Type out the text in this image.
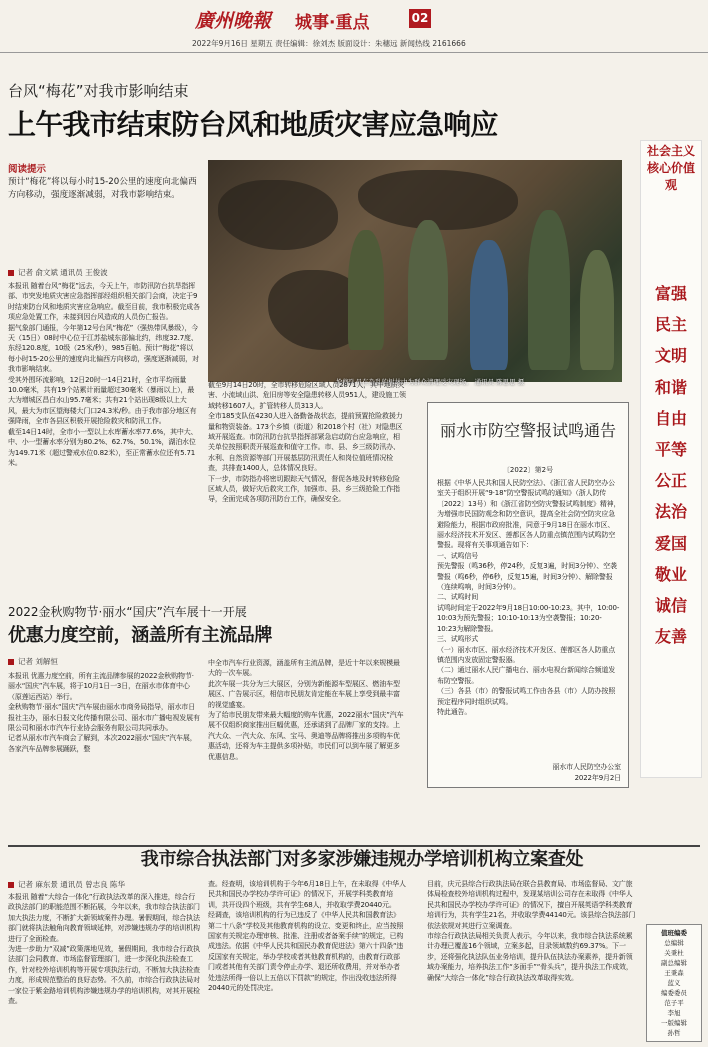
廣州晚報 城事·重点	02
2022年9月16日 星期五 责任编辑：徐刘杰 版面设计：朱穗远 新闻热线 2161666
台风“梅花”对我市影响结束
上午我市结束防台风和地质灾害应急响应
抢修队员在杂乱的树林中为群众清理受灾现场。 通讯员 陈思思 摄
阅读提示
预计“梅花”将以每小时15-20公里的速度向北偏西方向移动，强度逐渐减弱，对我市影响结束。
记者 俞文斌 通讯员 王俊波
本报讯 随着台风“梅花”远去，今天上午，市防汛防台抗旱指挥部、市突发地质灾害应急指挥部经组织相关部门会商，决定于9时结束防台风和地质灾害应急响应。截至目前，我市积极完成各项应急处置工作，未接到因台风造成的人员伤亡报告。
据气象部门通报，今年第12号台风“梅花”（强热带风暴级），今天（15日）08时中心位于江苏盐城东部偏北约，纬度32.7度、东经120.8度，10级（25米/秒），985百帕。预计“梅花”将以每小时15-20公里的速度向北偏西方向移动，强度逐渐减弱，对我市影响结束。
受其外围环流影响，12日20时一14日21时，全市平均雨量10.0毫米，共有19个站累计雨量超过30毫米（暴雨以上），最大为增城区昌白水山95.7毫米；共有21个站出现8级以上大风，最大为市区望海楼大门口24.3米/秒。由于我市部分地区有强降雨，全市各县区积极开展抢险救灾和防汛工作。
截至14日14时，全市小一型以上水库蓄水率77.6%，其中大、中、小一型蓄水率分别为80.2%、62.7%、50.1%，湖泊水位为149.71米（超过警戒水位0.82米），至正常蓄水位还有5.71米。
截至9月14日20时，全市转移危险区域人员2871人，其中地质灾害、小流域山洪、危旧房等安全隐患转移人员951人，建设施工领域转移1607人，扩管转移人员313人。
全市185支队伍4230人进入备勤备战状态，提前预置抢险救援力量和物资装备。173个乡镇（街道）和2018个村（社）对隐患区域开展巡查。市防汛防台抗旱指挥部紧急启动防台应急响应，相关单位按照职责开展巡查和值守工作。市、县、乡三级防汛办、水利、自然资源等部门开展基层防汛责任人和岗位值班情况检查，共排查1400人，总体情况良好。
下一步，市防指办将密切跟踪天气情况，督促各地及时转移危险区域人员，做好灾后救灾工作，加强市、县、乡三级抢险工作指导，全面完成各项防汛防台工作，确保安全。
社会主义核心价值观
富强
民主
文明
和谐
自由
平等
公正
法治
爱国
敬业
诚信
友善
丽水市防空警报试鸣通告
〔2022〕第2号
根据《中华人民共和国人民防空法》、《浙江省人民防空办公室关于组织开展“9·18”防空警报试鸣的通知》（浙人防传〔2022〕13号）和《浙江省防空防灾警报试鸣制度》精神，为增强市民国防观念和防空意识，提高全社会防空防灾应急避险能力，根据市政府批准，同意于9月18日在丽水市区、丽水经济技术开发区、莲都区各人防重点镇范围内试鸣防空警报。现将有关事项通告如下：
一、试鸣信号
预先警报（鸣36秒，停24秒，反复3遍，时间3分钟）、空袭警报（鸣6秒，停6秒，反复15遍，时间3分钟）、解除警报（连续鸣响，时间3分钟）。
二、试鸣时间
试鸣时间定于2022年9月18日10:00-10:23。其中，10:00-10:03为预先警报；10:10-10:13为空袭警报；10:20-10:23为解除警报。
三、试鸣形式
（一）丽水市区、丽水经济技术开发区、莲都区各人防重点镇范围内发放固定警报器。
（二）通过丽水人民广播电台、丽水电视台新闻综合频道发布防空警报。
（三）各县（市）的警报试鸣工作由各县（市）人防办按照预定程序同时组织试鸣。
特此通告。
丽水市人民防空办公室
2022年9月2日
2022金秋购物节·丽水“国庆”汽车展十一开展
优惠力度空前，涵盖所有主流品牌
记者 刘解恒
本报讯 优惠力度空前，所有主流品牌参展的2022金秋购物节·丽水“国庆”汽车展，将于10月1日一3日，在丽水市体育中心（原莲运西站）举行。
金秋购物节·丽水“国庆”汽车展由丽水市商务局指导，丽水市日报社主办，丽水日报文化传播有限公司、丽水市广播电视发展有限公司和丽水市汽车行业协会服务有限公司共同承办。
记者从丽水市汽车商会了解到，本次2022丽水“国庆”汽车展，各家汽车品牌参展踊跃，整
中全市汽车行业资源，涵盖所有主流品牌，是近十年以来规模最大的一次车展。
此次车展一共分为三大展区，分别为新能源车型展区、燃油车型展区、广告展示区，相信市民朋友肯定能在车展上享受到最丰富的视觉盛宴。
为了给市民朋友带来最大幅度的购车优惠，2022丽水“国庆”汽车展不仅组织商家推出巨幅优惠，还承诺到了品牌厂家的支持。上汽大众、一汽大众、东风、宝马、奥迪等品牌将推出多项购车优惠活动，还将为车主提供多项补贴，市民们可以到车展了解更多优惠信息。
我市综合执法部门对多家涉嫌违规办学培训机构立案查处
记者 麻东景 通讯员 曾志良 陈华
本报讯 随着“大综合一体化”行政执法改革的深入推进，综合行政执法部门的职能范围不断拓展，今年以来，我市综合执法部门加大执法力度，不断扩大新领域案件办理。暑假期间，综合执法部门就将执法触角向教育领域延伸，对涉嫌违规办学的培训机构进行了全面检查。
为进一步助力“双减”政策落地见效，暑假期间，我市综合行政执法部门会同教育、市场监督管理部门，进一步深化执法检查工作，针对校外培训机构等开展专项执法行动，不断加大执法检查力度，形成规范整治的良好态势。不久前，市综合行政执法局对一家位于紫金路培训机构涉嫌违规办学的培训机构，对其开展检查。
查。经查明，该培训机构于今年6月18日上午，在未取得《中华人民共和国民办学校办学许可证》的情况下，开展学科类教育培训，共开设四个班级，共有学生68人，并收取学费20440元。
经调查，该培训机构的行为已违反了《中华人民共和国教育法》第二十八条“学校及其他教育机构的设立、变更和终止，应当按照国家有关规定办理审核、批准、注册或者备案手续”的规定，已构成违法。依据《中华人民共和国民办教育促进法》第六十四条“违反国家有关规定，举办学校或者其他教育机构的，由教育行政部门或者其他有关部门责令停止办学、退还所收费用，并对举办者处违法所得一倍以上五倍以下罚款”的规定，作出没收违法所得20440元的处罚决定。
目前，庆元县综合行政执法局在联合县教育局、市场监督局、文广旅体局检查校外培训机构过程中，发现某培训公司存在未取得《中华人民共和国民办学校办学许可证》的情况下，擅自开展英语学科类教育培训行为，共有学生21名，并收取学费44140元。该县综合执法部门依法依规对其进行立案调查。
市综合行政执法局相关负责人表示，今年以来，我市综合执法系统累计办理已覆盖16个领域，立案多起，目录领域数约69.37%。下一步，还将强化执法队伍业务培训，提升队伍执法办案素养，提升新领域办案能力，培养执法工作“多面手”“骨头兵”，提升执法工作成效，确保“大综合一体化”综合行政执法改革取得实效。
值班编委
总编辑
关秉杜
副总编辑
王秉森
蓝义
编委委员
范子平
李旭
一版编辑
孙哲
